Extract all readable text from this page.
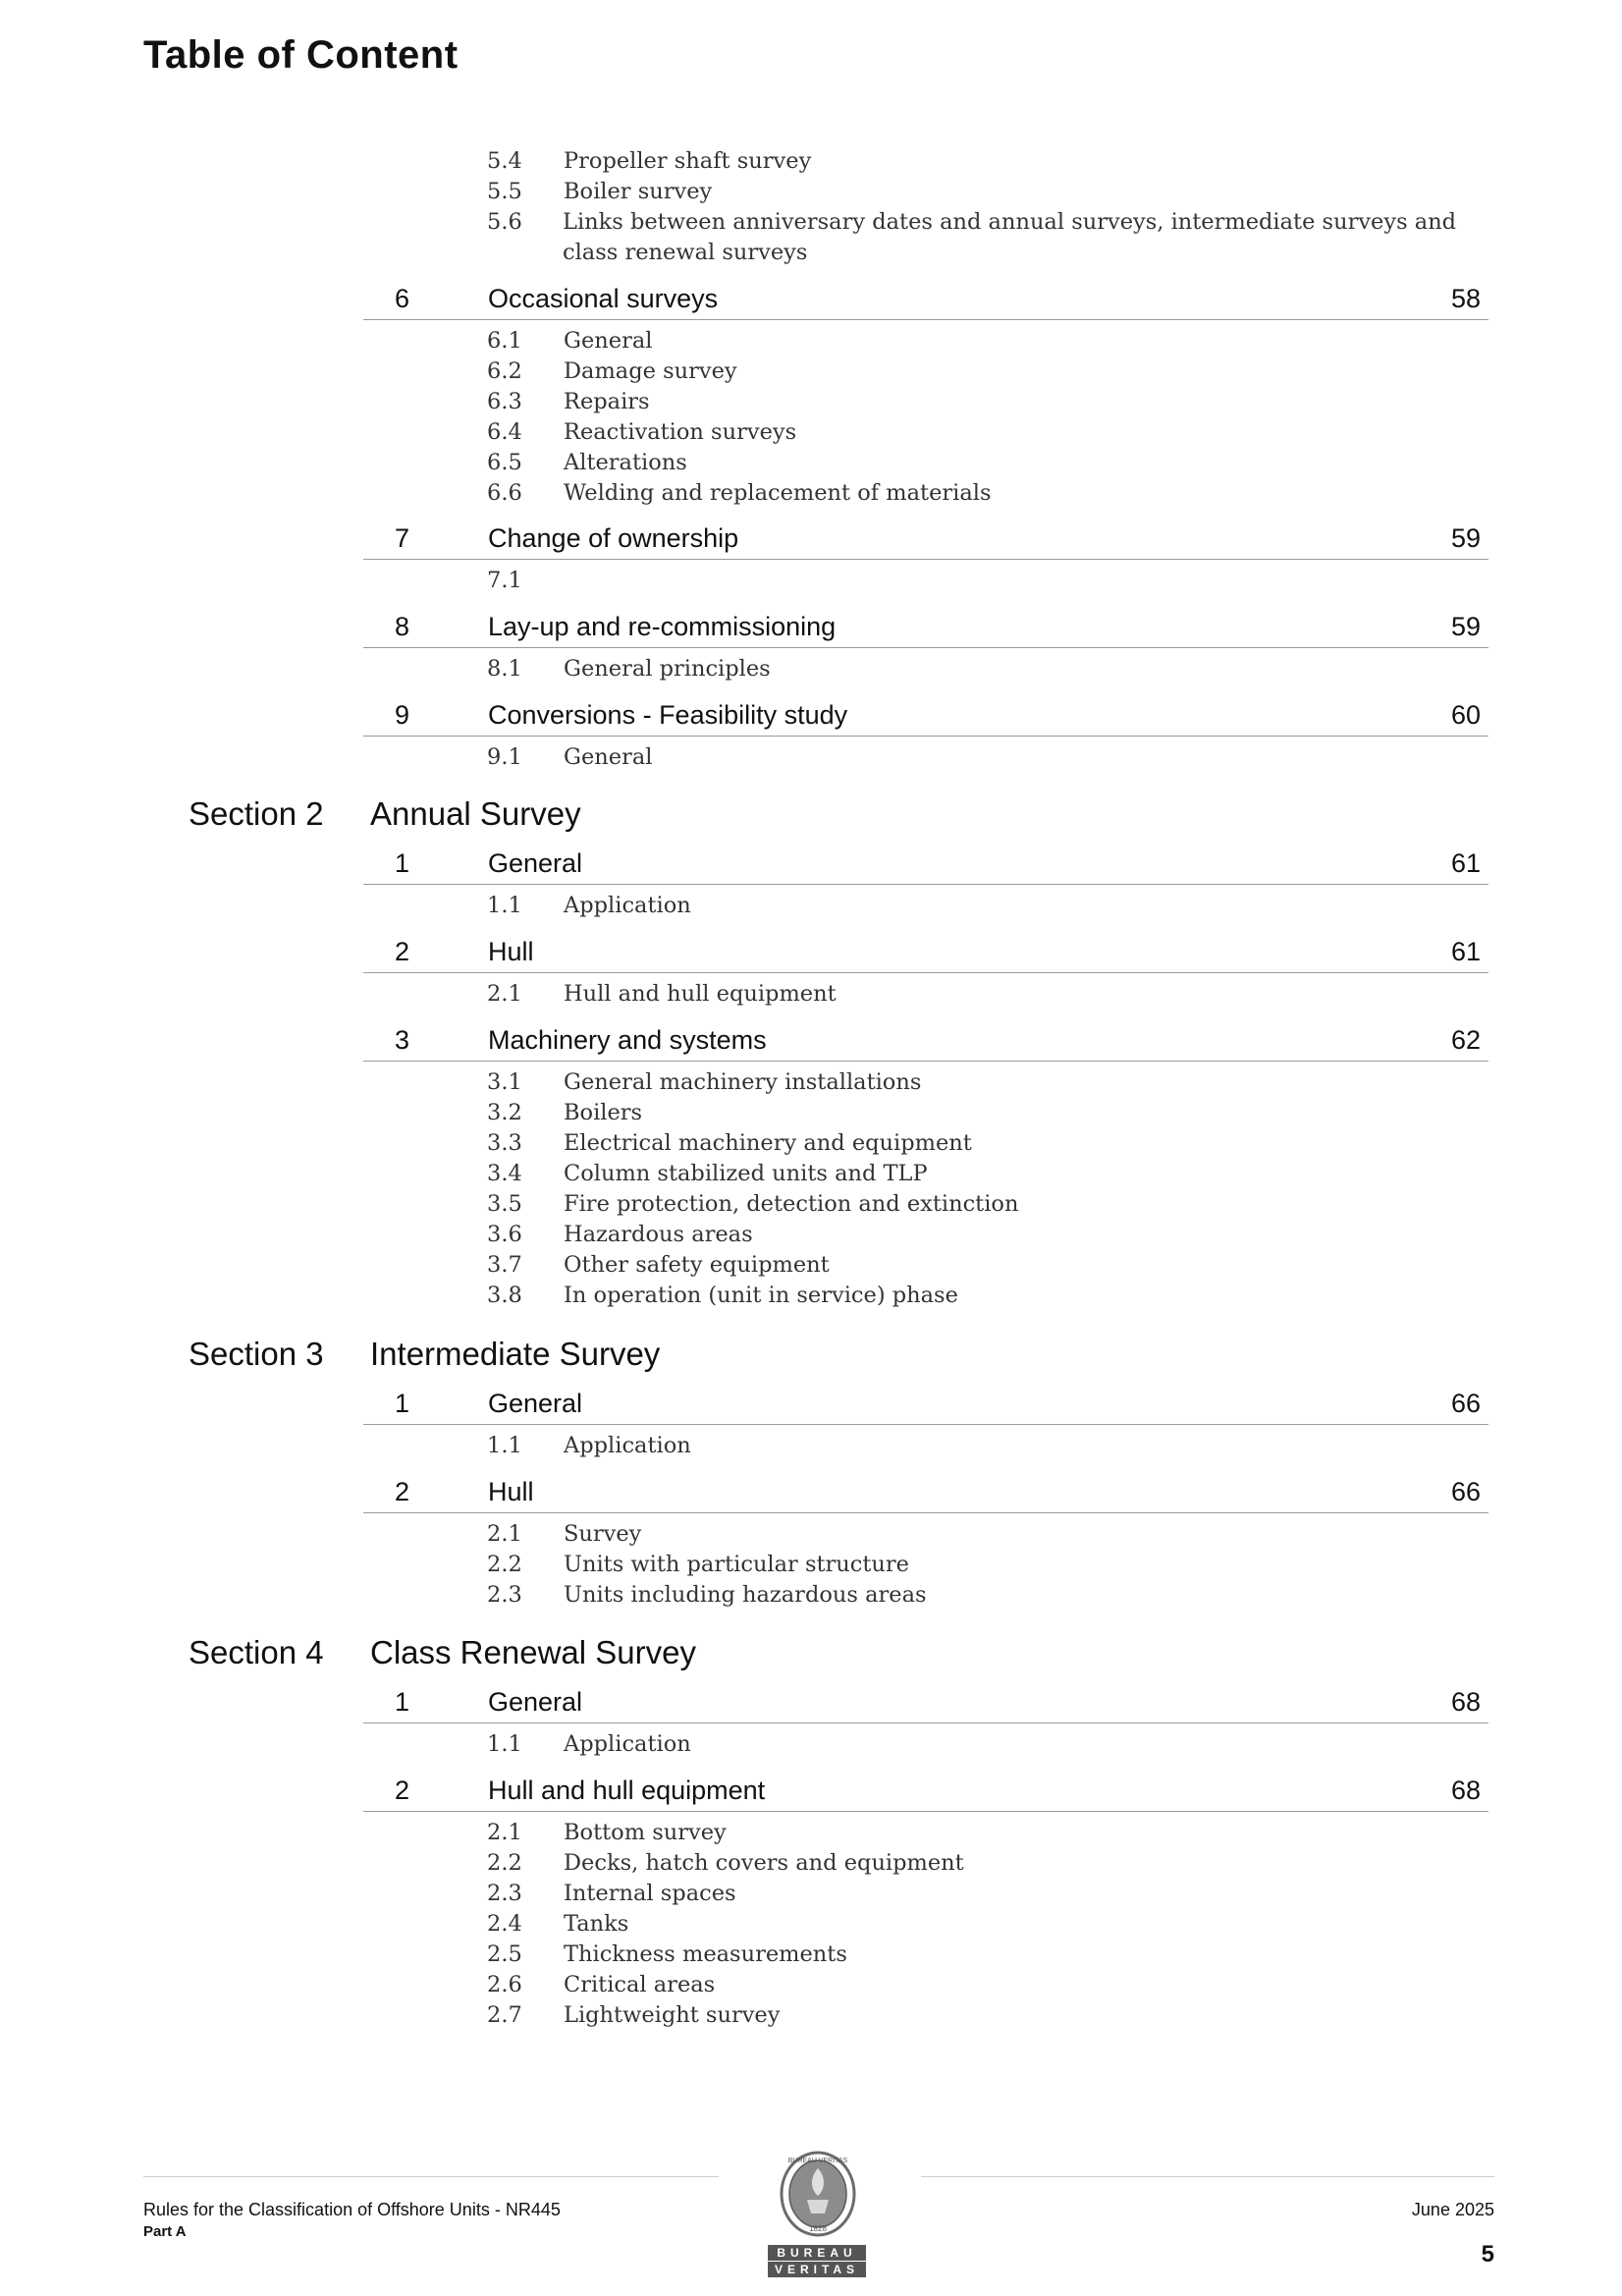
Table of Content
5.4 Propeller shaft survey
5.5 Boiler survey
5.6 Links between anniversary dates and annual surveys, intermediate surveys and class renewal surveys
6	Occasional surveys	58
6.1 General
6.2 Damage survey
6.3 Repairs
6.4 Reactivation surveys
6.5 Alterations
6.6 Welding and replacement of materials
7	Change of ownership	59
7.1
8	Lay-up and re-commissioning	59
8.1 General principles
9	Conversions - Feasibility study	60
9.1 General
Section 2 Annual Survey
1	General	61
1.1 Application
2	Hull	61
2.1 Hull and hull equipment
3	Machinery and systems	62
3.1 General machinery installations
3.2 Boilers
3.3 Electrical machinery and equipment
3.4 Column stabilized units and TLP
3.5 Fire protection, detection and extinction
3.6 Hazardous areas
3.7 Other safety equipment
3.8 In operation (unit in service) phase
Section 3 Intermediate Survey
1	General	66
1.1 Application
2	Hull	66
2.1 Survey
2.2 Units with particular structure
2.3 Units including hazardous areas
Section 4 Class Renewal Survey
1	General	68
1.1 Application
2	Hull and hull equipment	68
2.1 Bottom survey
2.2 Decks, hatch covers and equipment
2.3 Internal spaces
2.4 Tanks
2.5 Thickness measurements
2.6 Critical areas
2.7 Lightweight survey
Rules for the Classification of Offshore Units - NR445
Part A
June 2025
5
BUREAU VERITAS
1828
BUREAU
VERITAS
